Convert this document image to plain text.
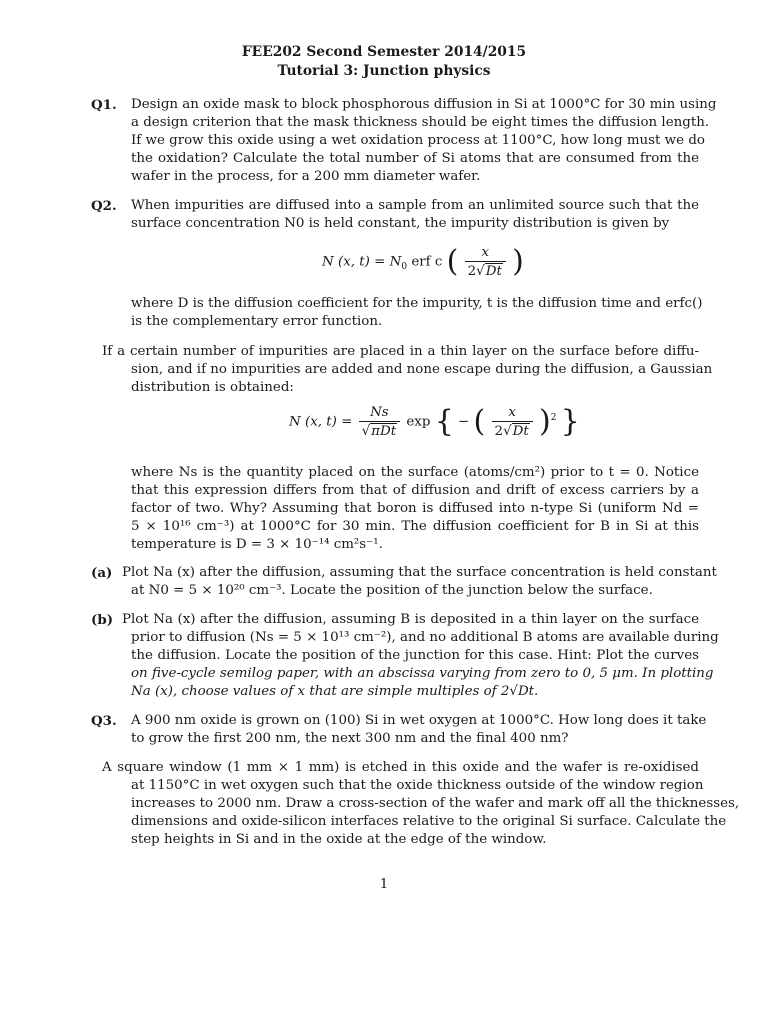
FEE202 Second Semester 2014/2015
Tutorial 3: Junction physics
Q1. Design an oxide mask to block phosphorous diffusion in Si at 1000°C for 30 min using
a design criterion that the mask thickness should be eight times the diffusion length.
If we grow this oxide using a wet oxidation process at 1100°C, how long must we do
the oxidation? Calculate the total number of Si atoms that are consumed from the
wafer in the process, for a 200 mm diameter wafer.
Q2. When impurities are diffused into a sample from an unlimited source such that the
surface concentration N0 is held constant, the impurity distribution is given by
N (x, $t) = N_0$ erf c ( $\frac{x}{2√Dt}$ )
where D is the diffusion coefficient for the impurity, t is the diffusion time and erfc()
is the complementary error function.
If a certain number of impurities are placed in a thin layer on the surface before diffu-
sion, and if no impurities are added and none escape during the diffusion, a Gaussian
distribution is obtained:
N (x, $t) = \frac{Ns}{\text{√πDt}}$ exp { − ( $\frac{x}{2√Dt} )^2$ }
where Ns is the quantity placed on the surface (atoms/cm²) prior to t = 0. Notice
that this expression differs from that of diffusion and drift of excess carriers by a
factor of two. Why? Assuming that boron is diffused into n-type Si (uniform Nd =
5 × 10¹⁶ cm⁻³) at 1000°C for 30 min. The diffusion coefficient for B in Si at this
temperature is D = 3 × 10⁻¹⁴ cm²s⁻¹.
(a) Plot Na (x) after the diffusion, assuming that the surface concentration is held constant
at N0 = 5 × 10²⁰ cm⁻³. Locate the position of the junction below the surface.
(b) Plot Na (x) after the diffusion, assuming B is deposited in a thin layer on the surface
prior to diffusion (Ns = 5 × 10¹³ cm⁻²), and no additional B atoms are available during
the diffusion. Locate the position of the junction for this case. Hint: Plot the curves
on five-cycle semilog paper, with an abscissa varying from zero to 0, 5 μm. In plotting
Na (x), choose values of x that are simple multiples of 2√Dt.
Q3. A 900 nm oxide is grown on (100) Si in wet oxygen at 1000°C. How long does it take
to grow the first 200 nm, the next 300 nm and the final 400 nm?
A square window (1 mm × 1 mm) is etched in this oxide and the wafer is re-oxidised
at 1150°C in wet oxygen such that the oxide thickness outside of the window region
increases to 2000 nm. Draw a cross-section of the wafer and mark off all the thicknesses,
dimensions and oxide-silicon interfaces relative to the original Si surface. Calculate the
step heights in Si and in the oxide at the edge of the window.
1
